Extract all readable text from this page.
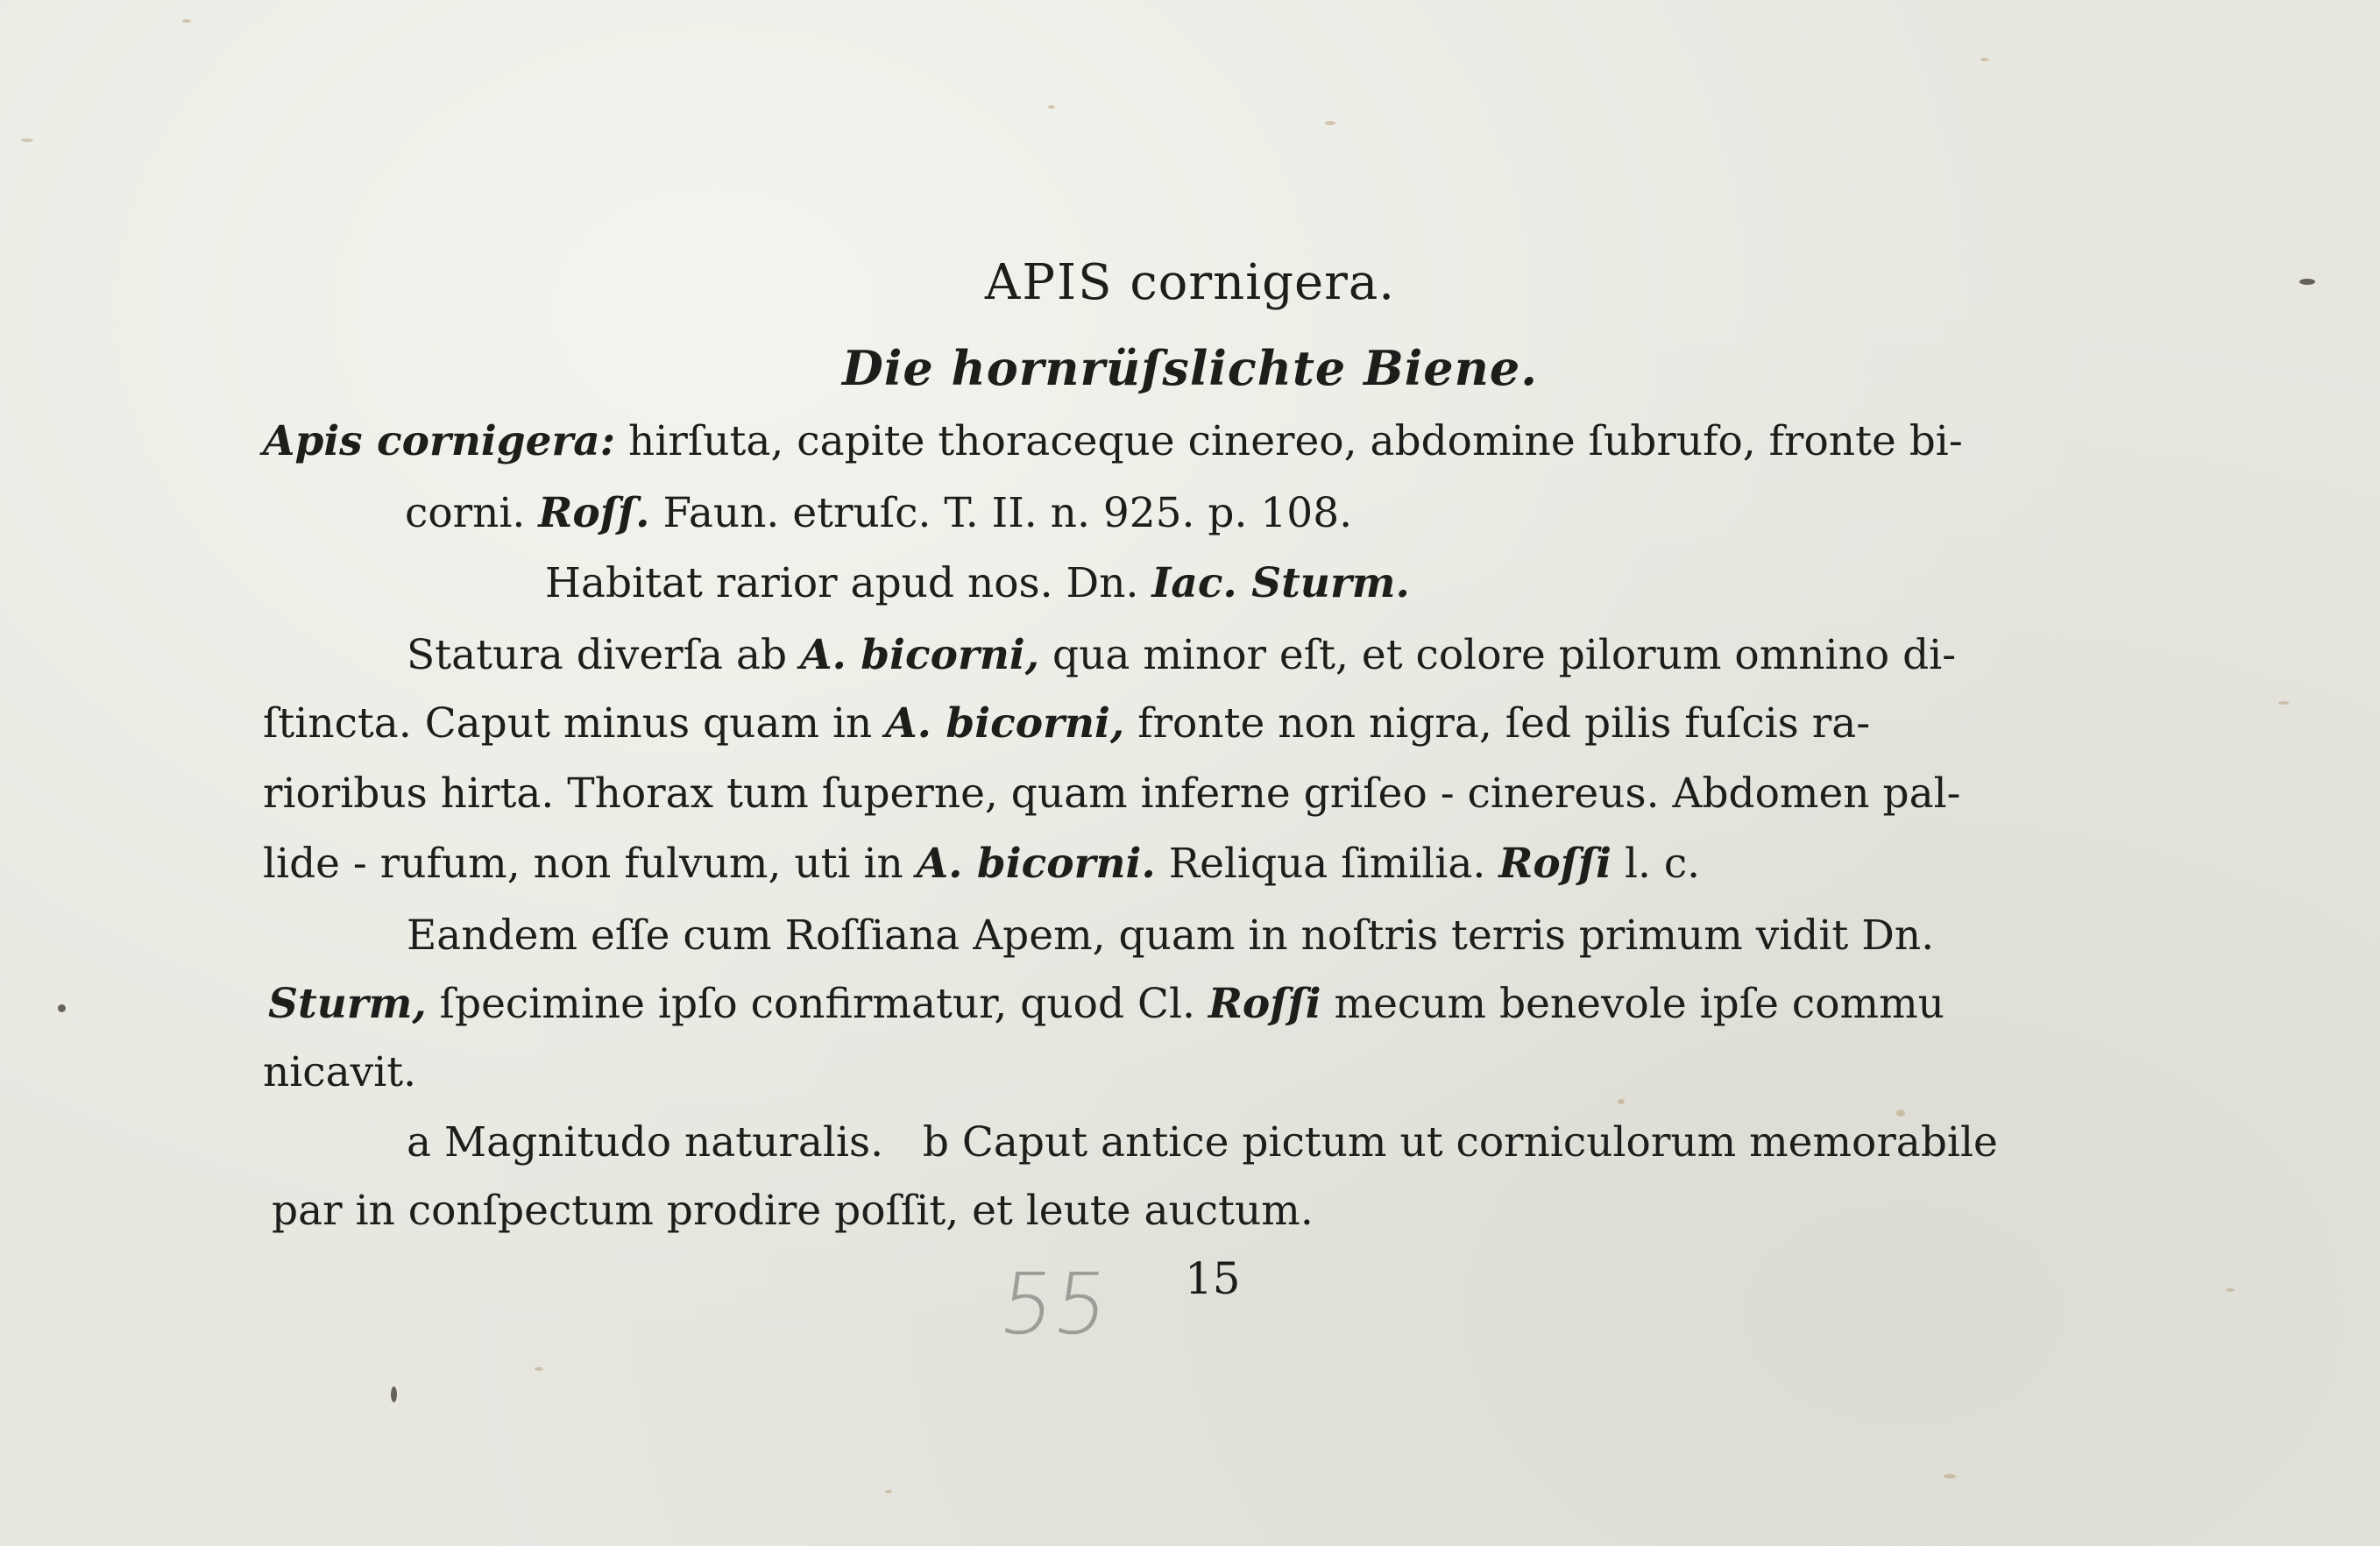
APIS cornigera.
Die hornrüſslichte Biene.
Apis cornigera: hirſuta, capite thoraceque cinereo, abdomine ſubrufo, fronte bi-
corni. Roſſ. Faun. etruſc. T. II. n. 925. p. 108.
Habitat rarior apud nos. Dn. Iac. Sturm.
Statura diverſa ab A. bicorni, qua minor eſt, et colore pilorum omnino di-
ſtincta. Caput minus quam in A. bicorni, fronte non nigra, ſed pilis fuſcis ra-
rioribus hirta. Thorax tum ſuperne, quam inferne griſeo - cinereus. Abdomen pal-
lide - rufum, non fulvum, uti in A. bicorni. Reliqua ſimilia. Roſſi l. c.
Eandem eſſe cum Roſſiana Apem, quam in noſtris terris primum vidit Dn.
Sturm, ſpecimine ipſo confirmatur, quod Cl. Roſſi mecum benevole ipſe commu
nicavit.
a Magnitudo naturalis.   b Caput antice pictum ut corniculorum memorabile
par in conſpectum prodire poſſit, et leute auctum.
55 15
